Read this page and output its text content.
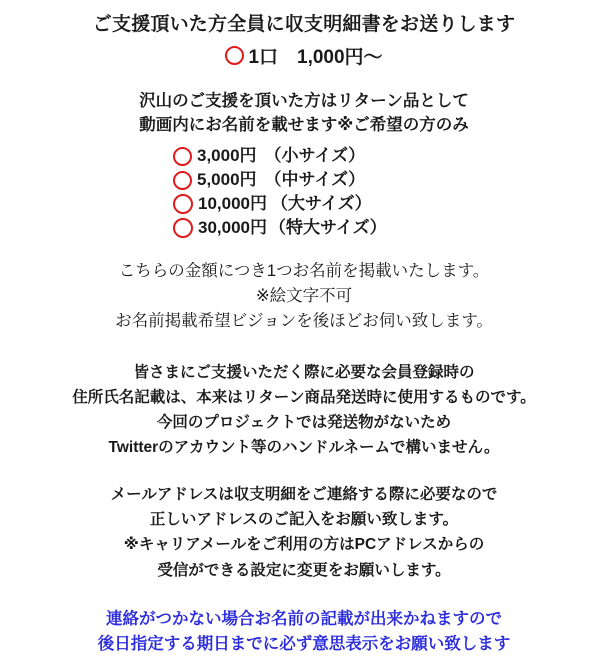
ご支援頂いた方全員に収支明細書をお送りします
1口　1,000円〜
沢山のご支援を頂いた方はリターン品として
動画内にお名前を載せます※ご希望の方のみ
3,000円 （小サイズ）
5,000円 （中サイズ）
10,000円 （大サイズ）
30,000円 （特大サイズ）
こちらの金額につき1つお名前を掲載いたします。
※絵文字不可
お名前掲載希望ビジョンを後ほどお伺い致します。
皆さまにご支援いただく際に必要な会員登録時の
住所氏名記載は、本来はリターン商品発送時に使用するものです。
今回のプロジェクトでは発送物がないため
Twitterのアカウント等のハンドルネームで構いません。
メールアドレスは収支明細をご連絡する際に必要なので
正しいアドレスのご記入をお願い致します。
※キャリアメールをご利用の方はPCアドレスからの
受信ができる設定に変更をお願いします。
連絡がつかない場合お名前の記載が出来かねますので
後日指定する期日までに必ず意思表示をお願い致します
